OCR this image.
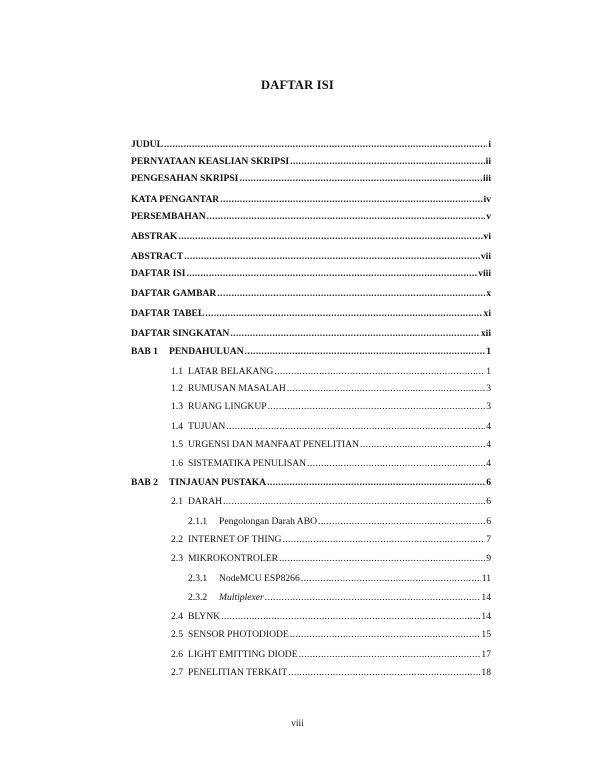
DAFTAR ISI
JUDUL .....	i
PERNYATAAN KEASLIAN SKRIPSI .....	ii
PENGESAHAN SKRIPSI .....	iii
KATA PENGANTAR .....	iv
PERSEMBAHAN .....	v
ABSTRAK .....	vi
ABSTRACT .....	vii
DAFTAR ISI .....	viii
DAFTAR GAMBAR .....	x
DAFTAR TABEL .....	xi
DAFTAR SINGKATAN .....	xii
BAB 1	PENDAHULUAN .....	1
1.1 LATAR BELAKANG .....	1
1.2 RUMUSAN MASALAH .....	3
1.3 RUANG LINGKUP .....	3
1.4 TUJUAN .....	4
1.5 URGENSI DAN MANFAAT PENELITIAN .....	4
1.6 SISTEMATIKA PENULISAN .....	4
BAB 2	TINJAUAN PUSTAKA .....	6
2.1 DARAH .....	6
2.1.1	Pengolongan Darah ABO .....	6
2.2 INTERNET OF THING .....	7
2.3 MIKROKONTROLER .....	9
2.3.1	NodeMCU ESP8266 .....	11
2.3.2	Multiplexer .....	14
2.4 BLYNK .....	14
2.5 SENSOR PHOTODIODE .....	15
2.6 LIGHT EMITTING DIODE .....	17
2.7 PENELITIAN TERKAIT .....	18
viii
